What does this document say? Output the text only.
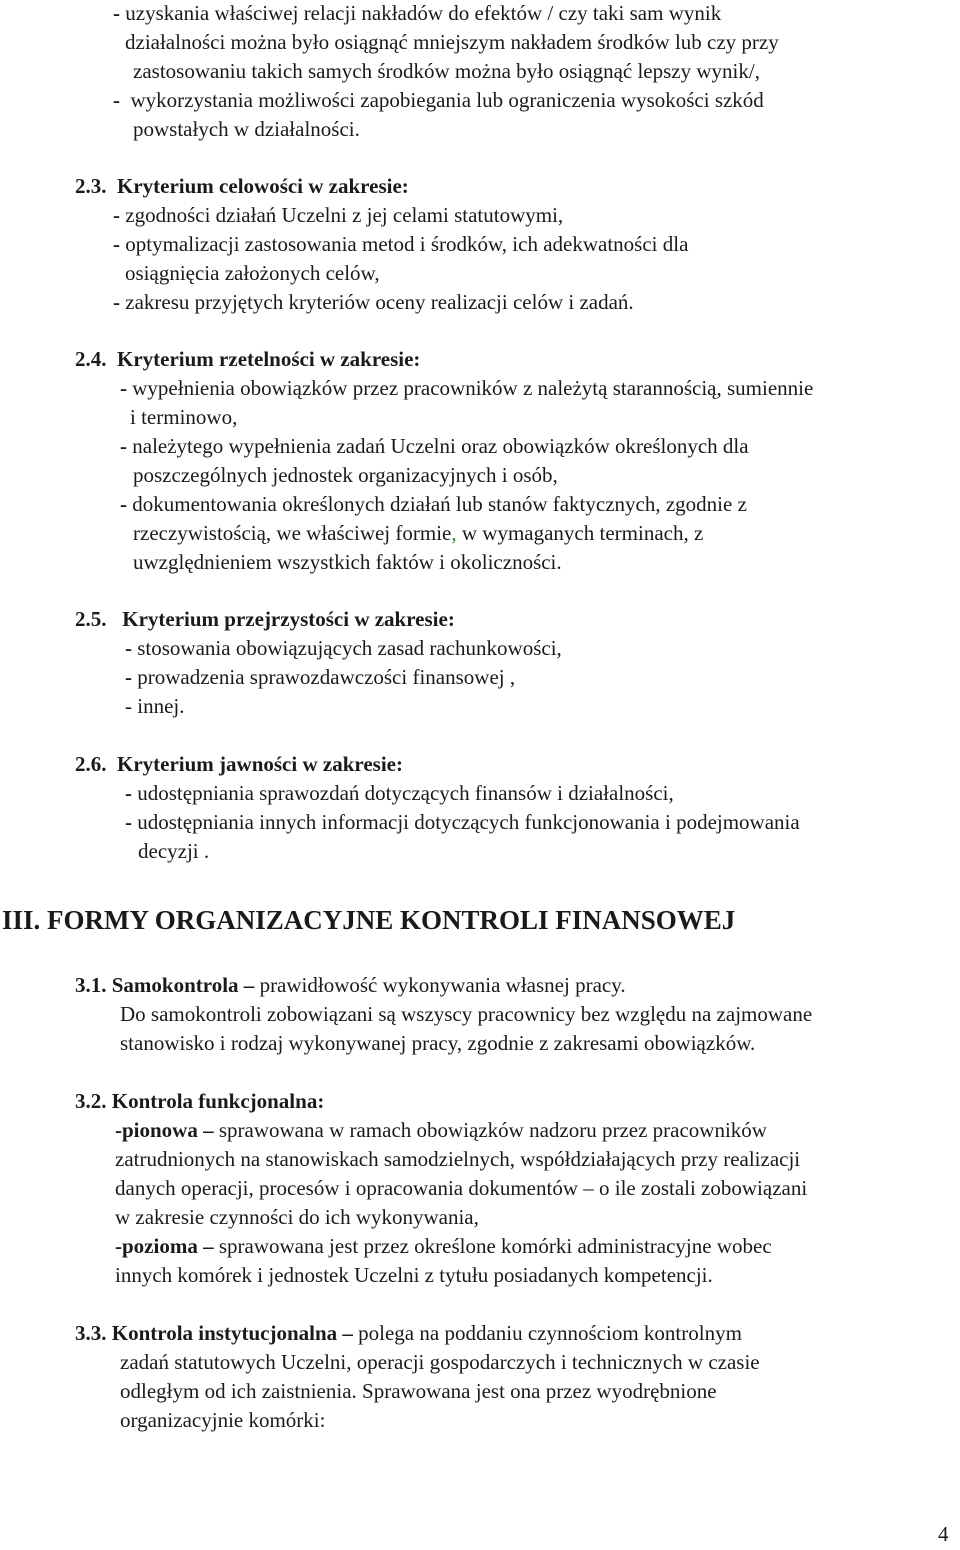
- uzyskania właściwej relacji nakładów do efektów / czy taki sam wynik
działalności można było osiągnąć mniejszym nakładem środków lub czy przy
zastosowaniu takich samych środków można było osiągnąć lepszy wynik/,
- wykorzystania możliwości zapobiegania lub ograniczenia wysokości szkód
powstałych w działalności.
2.3. Kryterium celowości w zakresie:
- zgodności działań Uczelni z jej celami statutowymi,
- optymalizacji zastosowania metod i środków, ich adekwatności dla
osiągnięcia założonych celów,
- zakresu przyjętych kryteriów oceny realizacji celów i zadań.
2.4. Kryterium rzetelności w zakresie:
- wypełnienia obowiązków przez pracowników z należytą starannością, sumiennie
i terminowo,
- należytego wypełnienia zadań Uczelni oraz obowiązków określonych dla
poszczególnych jednostek organizacyjnych i osób,
- dokumentowania określonych działań lub stanów faktycznych, zgodnie z
rzeczywistością, we właściwej formie, w wymaganych terminach, z
uwzględnieniem wszystkich faktów i okoliczności.
2.5. Kryterium przejrzystości w zakresie:
- stosowania obowiązujących zasad rachunkowości,
- prowadzenia sprawozdawczości finansowej ,
- innej.
2.6. Kryterium jawności w zakresie:
- udostępniania sprawozdań dotyczących finansów i działalności,
- udostępniania innych informacji dotyczących funkcjonowania i podejmowania
decyzji .
III. FORMY ORGANIZACYJNE KONTROLI FINANSOWEJ
3.1. Samokontrola – prawidłowość wykonywania własnej pracy.
Do samokontroli zobowiązani są wszyscy pracownicy bez względu na zajmowane
stanowisko i rodzaj wykonywanej pracy, zgodnie z zakresami obowiązków.
3.2. Kontrola funkcjonalna:
-pionowa – sprawowana w ramach obowiązków nadzoru przez pracowników
zatrudnionych na stanowiskach samodzielnych, współdziałających przy realizacji
danych operacji, procesów i opracowania dokumentów – o ile zostali zobowiązani
w zakresie czynności do ich wykonywania,
-pozioma – sprawowana jest przez określone komórki administracyjne wobec
innych komórek i jednostek Uczelni z tytułu posiadanych kompetencji.
3.3. Kontrola instytucjonalna – polega na poddaniu czynnościom kontrolnym
zadań statutowych Uczelni, operacji gospodarczych i technicznych w czasie
odległym od ich zaistnienia. Sprawowana jest ona przez wyodrębnione
organizacyjnie komórki:
4
